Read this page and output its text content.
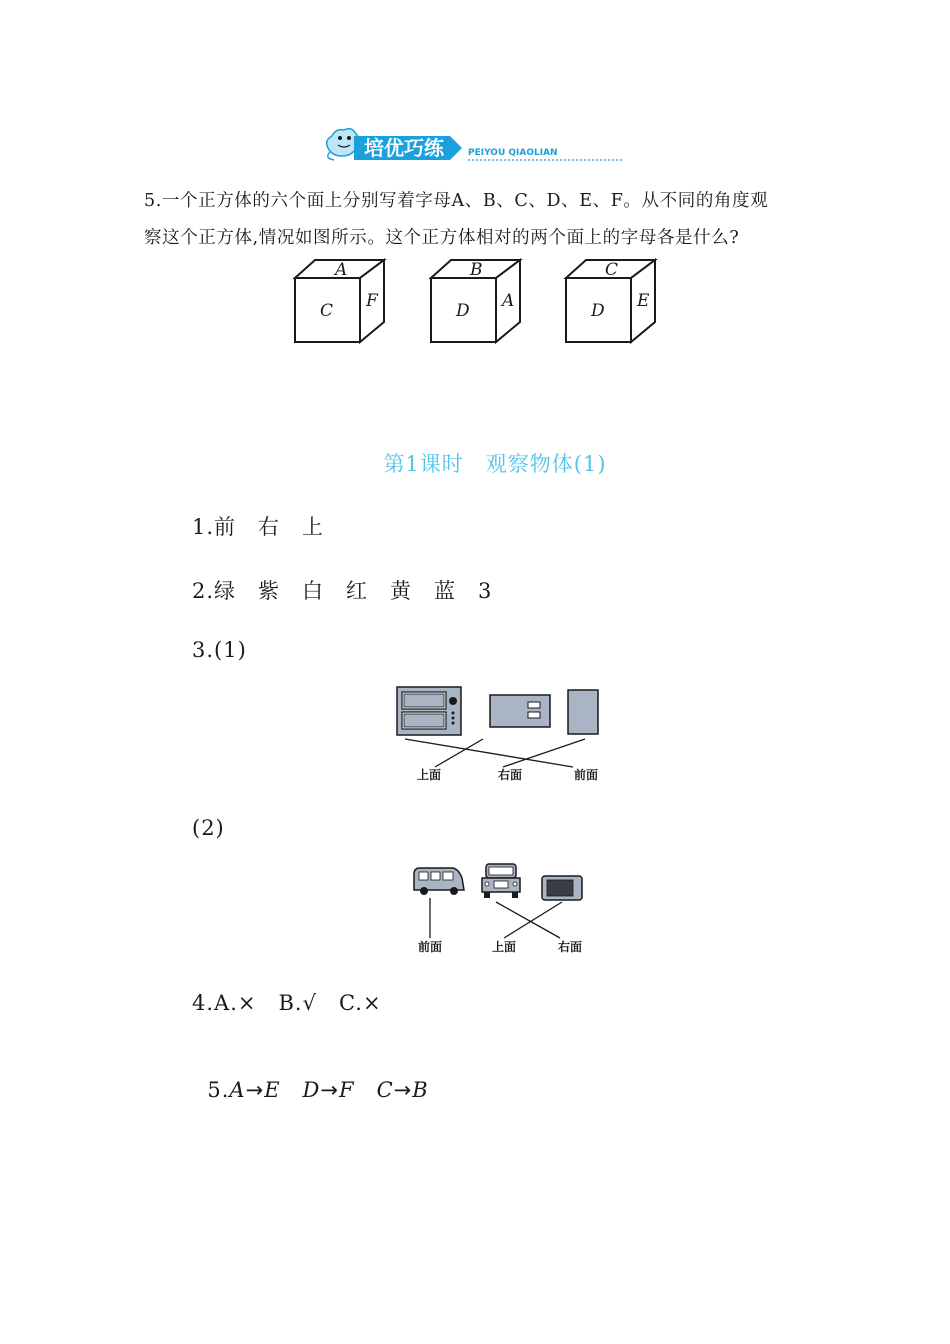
培优巧练	PEIYOU QIAOLIAN
5.一个正方体的六个面上分别写着字母A、B、C、D、E、F。从不同的角度观
察这个正方体,情况如图所示。这个正方体相对的两个面上的字母各是什么?
A
C F
B
D A
C
D E
第1课时　观察物体(1)
1.前　右　上
2.绿　紫　白　红　黄　蓝　3
3.(1)
上面	右面	前面
(2)
前面	上面	右面
4.A.×　B.√　C.×

5.A→E　 D→F　 C→B
